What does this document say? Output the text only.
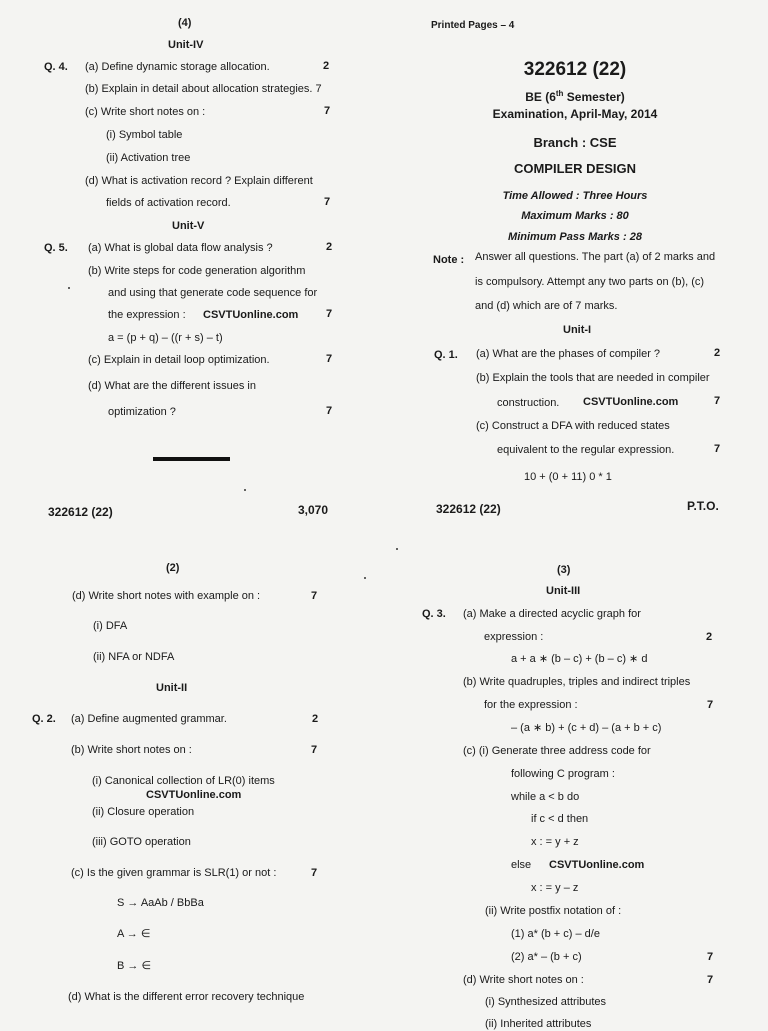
(4)
Unit-IV
Q. 4. (a) Define dynamic storage allocation.	2
(b) Explain in detail about allocation strategies. 7
(c) Write short notes on :	7
(i) Symbol table
(ii) Activation tree
(d) What is activation record ? Explain different
fields of activation record.	7
Unit-V
Q. 5. (a) What is global data flow analysis ?	2
(b) Write steps for code generation algorithm
and using that generate code sequence for
the expression : CSVTUonline.com	7
a = (p + q) – ((r + s) – t)
(c) Explain in detail loop optimization.	7
(d) What are the different issues in
optimization ?	7
322612 (22)	3,070
Printed Pages – 4
322612 (22)
BE (6th Semester)
Examination, April-May, 2014
Branch : CSE
COMPILER DESIGN
Time Allowed : Three Hours
Maximum Marks : 80
Minimum Pass Marks : 28
Note : Answer all questions. The part (a) of 2 marks and
is compulsory. Attempt any two parts on (b), (c)
and (d) which are of 7 marks.
Unit-I
Q. 1. (a) What are the phases of compiler ?	2
(b) Explain the tools that are needed in compiler
construction. CSVTUonline.com	7
(c) Construct a DFA with reduced states
equivalent to the regular expression.	7
10 + (0 + 11) 0 * 1
322612 (22)	P.T.O.
(2)
(d) Write short notes with example on :	7
(i) DFA
(ii) NFA or NDFA
Unit-II
Q. 2. (a) Define augmented grammar.	2
(b) Write short notes on :	7
(i) Canonical collection of LR(0) items
CSVTUonline.com
(ii) Closure operation
(iii) GOTO operation
(c) Is the given grammar is SLR(1) or not :	7
S → AaAb / BbBa
A → ∈
B → ∈
(d) What is the different error recovery technique
(3)
Unit-III
Q. 3. (a) Make a directed acyclic graph for
expression :	2
a + a ∗ (b – c) + (b – c) ∗ d
(b) Write quadruples, triples and indirect triples
for the expression :	7
– (a ∗ b) + (c + d) – (a + b + c)
(c) (i) Generate three address code for
following C program :
while a < b do
if c < d then
x : = y + z
else CSVTUonline.com
x : = y – z
(ii) Write postfix notation of :
(1) a* (b + c) – d/e
(2) a* – (b + c)	7
(d) Write short notes on :	7
(i) Synthesized attributes
(ii) Inherited attributes
